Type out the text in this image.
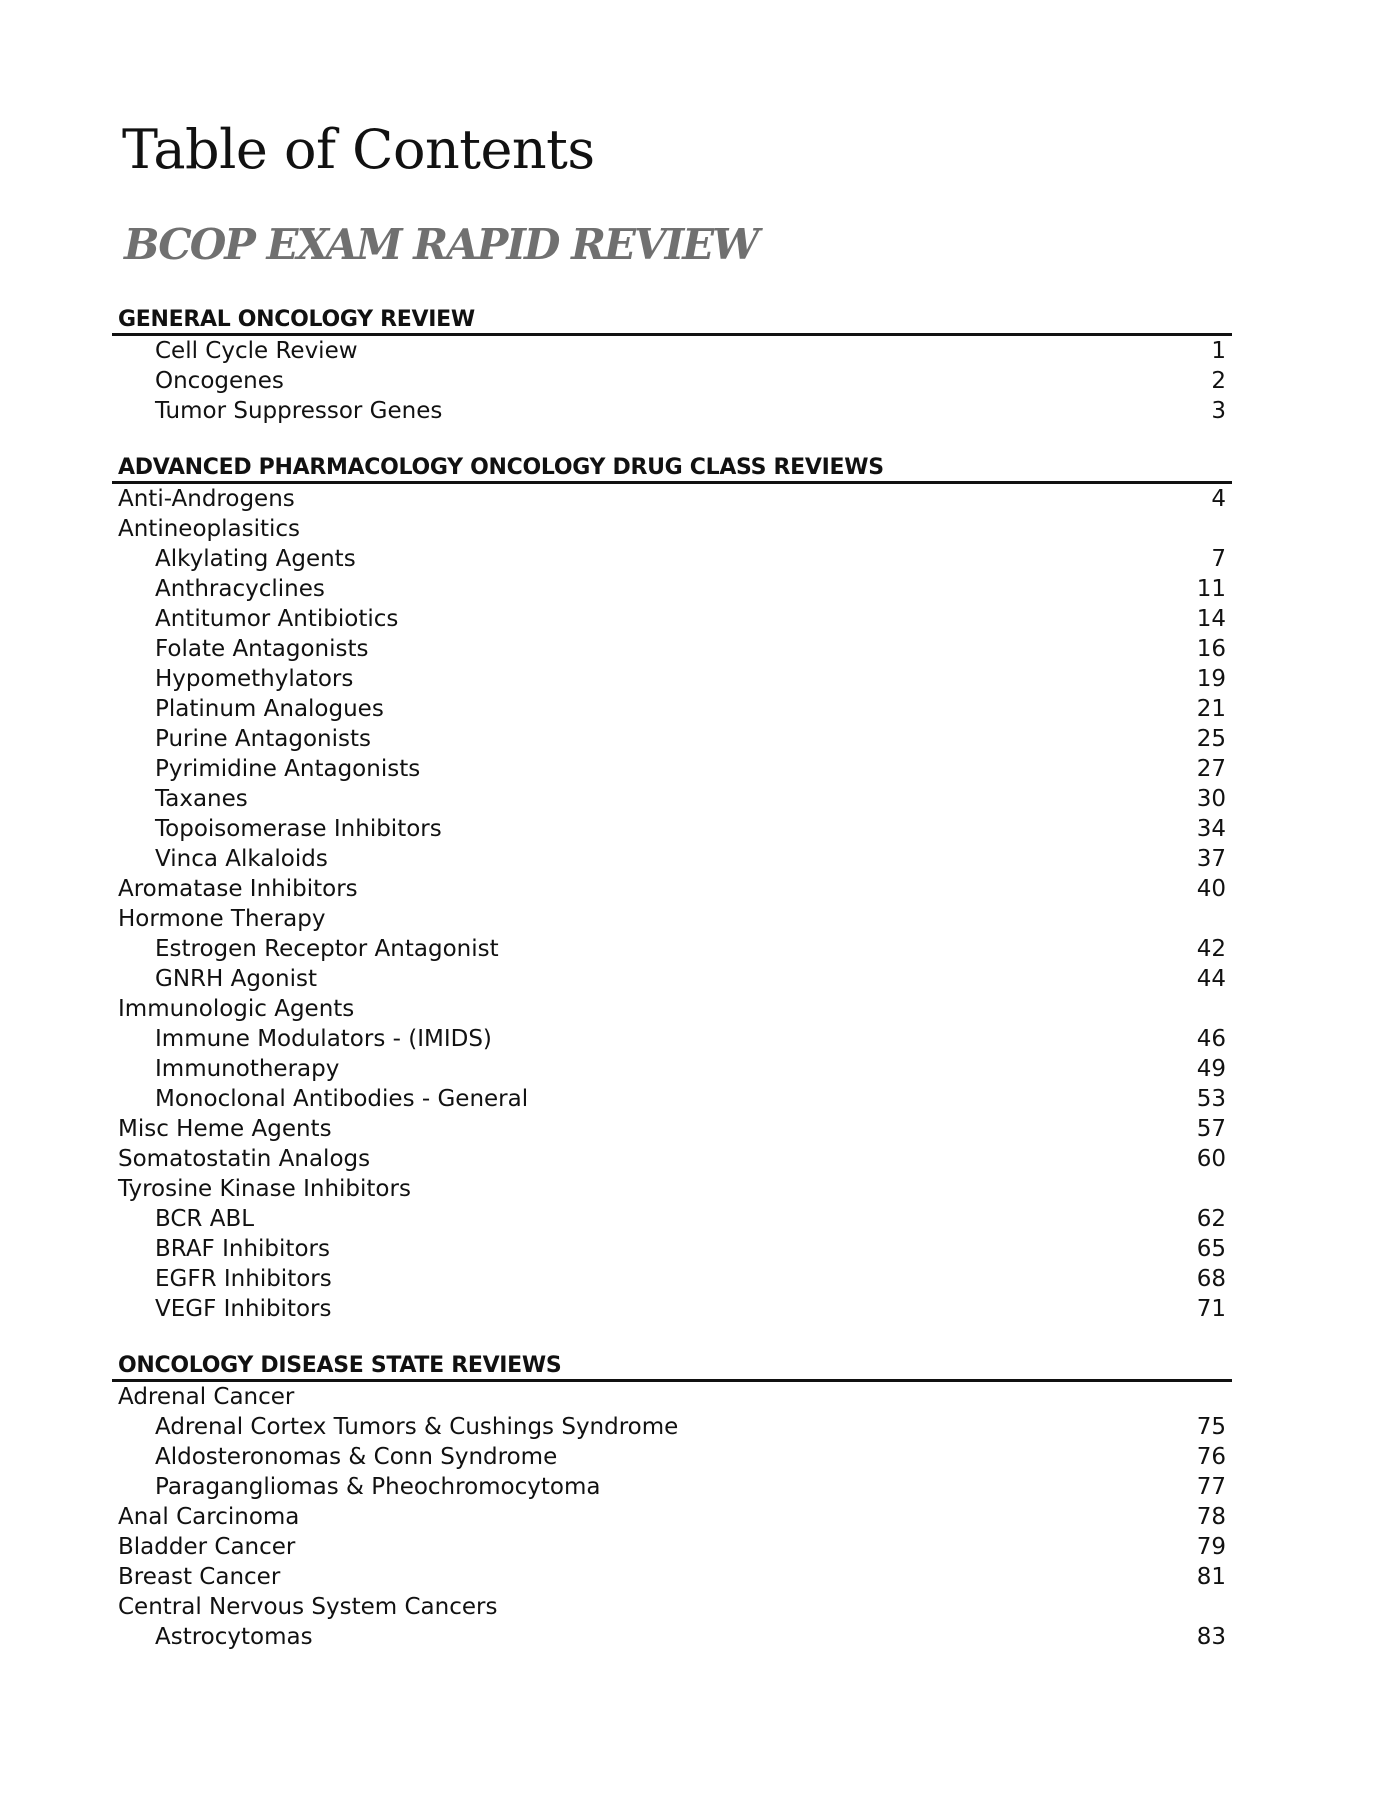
Table of Contents
BCOP EXAM RAPID REVIEW
GENERAL ONCOLOGY REVIEW
Cell Cycle Review	1
Oncogenes	2
Tumor Suppressor Genes	3
ADVANCED PHARMACOLOGY ONCOLOGY DRUG CLASS REVIEWS
Anti-Androgens	4
Antineoplasitics
Alkylating Agents	7
Anthracyclines	11
Antitumor Antibiotics	14
Folate Antagonists	16
Hypomethylators	19
Platinum Analogues	21
Purine Antagonists	25
Pyrimidine Antagonists	27
Taxanes	30
Topoisomerase Inhibitors	34
Vinca Alkaloids	37
Aromatase Inhibitors	40
Hormone Therapy
Estrogen Receptor Antagonist	42
GNRH Agonist	44
Immunologic Agents
Immune Modulators - (IMIDS)	46
Immunotherapy	49
Monoclonal Antibodies - General	53
Misc Heme Agents	57
Somatostatin Analogs	60
Tyrosine Kinase Inhibitors
BCR ABL	62
BRAF Inhibitors	65
EGFR Inhibitors	68
VEGF Inhibitors	71
ONCOLOGY DISEASE STATE REVIEWS
Adrenal Cancer
Adrenal Cortex Tumors & Cushings Syndrome	75
Aldosteronomas & Conn Syndrome	76
Paragangliomas & Pheochromocytoma	77
Anal Carcinoma	78
Bladder Cancer	79
Breast Cancer	81
Central Nervous System Cancers
Astrocytomas	83
